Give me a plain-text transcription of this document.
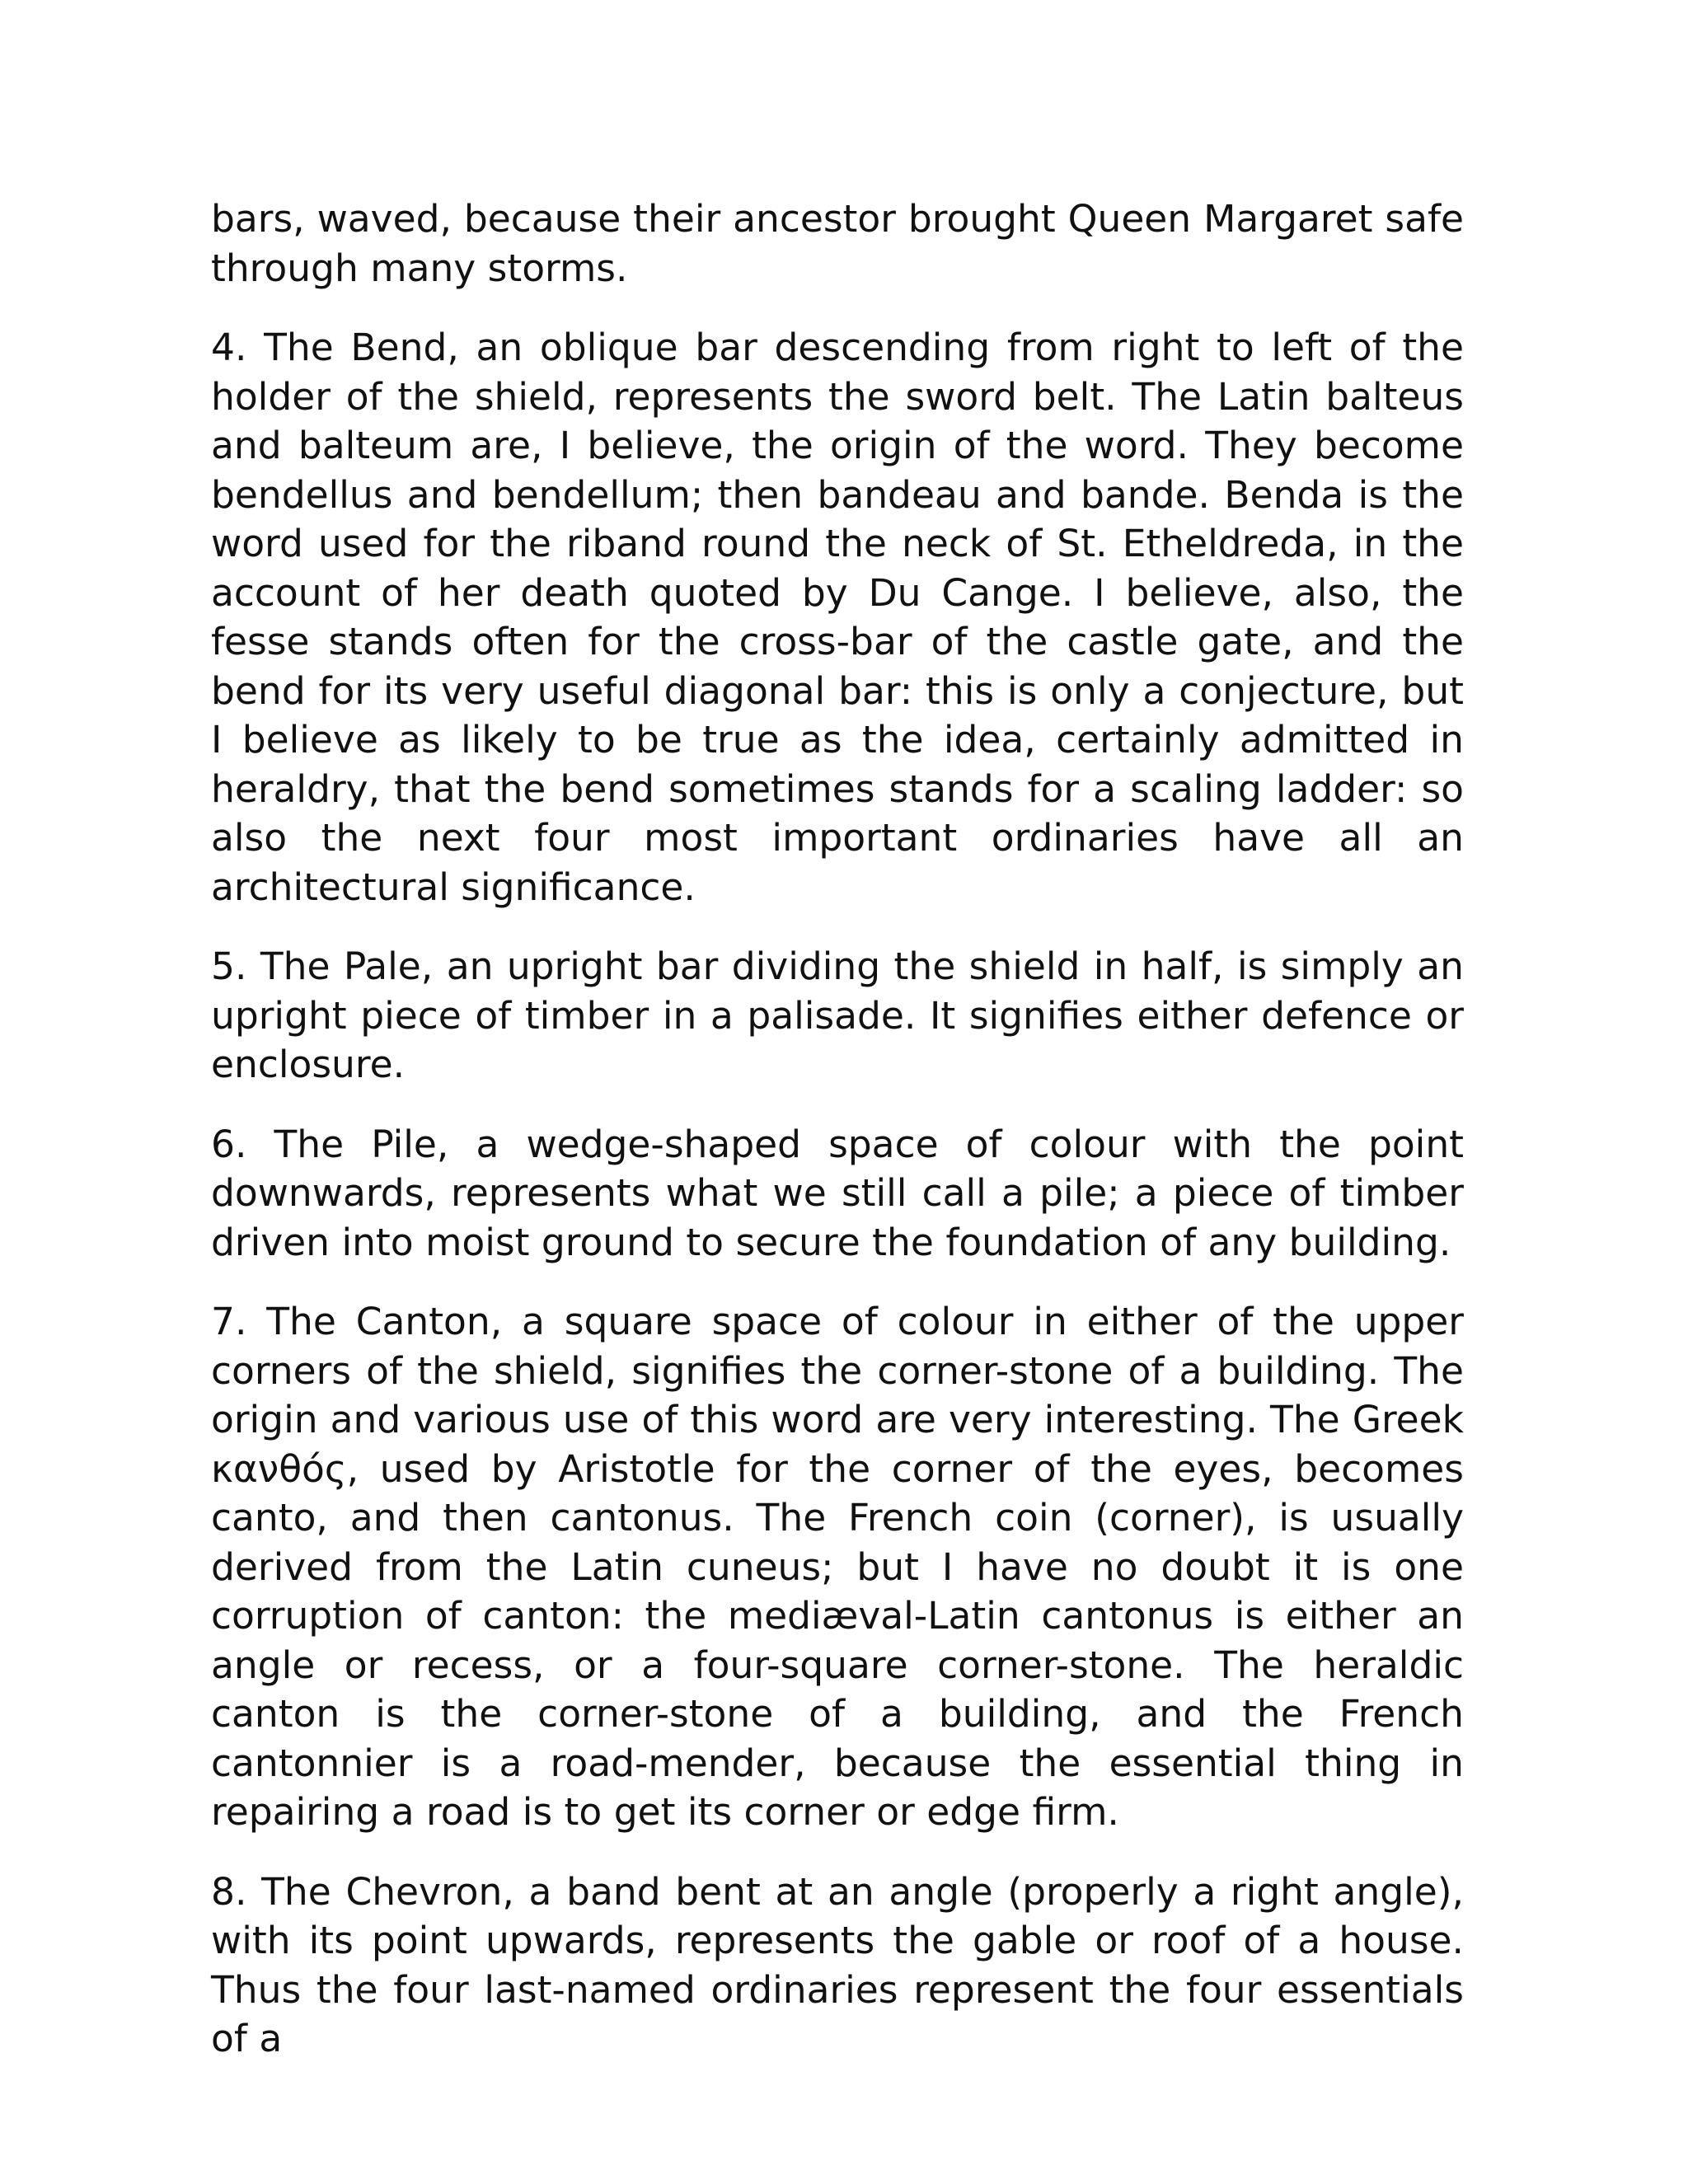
bars, waved, because their ancestor brought Queen Margaret safe through many storms.

4. The Bend, an oblique bar descending from right to left of the holder of the shield, represents the sword belt. The Latin balteus and balteum are, I believe, the origin of the word. They become bendellus and bendellum; then bandeau and bande. Benda is the word used for the riband round the neck of St. Etheldreda, in the account of her death quoted by Du Cange. I believe, also, the fesse stands often for the cross-bar of the castle gate, and the bend for its very useful diagonal bar: this is only a conjecture, but I believe as likely to be true as the idea, certainly admitted in heraldry, that the bend sometimes stands for a scaling ladder: so also the next four most important ordinaries have all an architectural significance.

5. The Pale, an upright bar dividing the shield in half, is simply an upright piece of timber in a palisade. It signifies either defence or enclosure.

6. The Pile, a wedge-shaped space of colour with the point downwards, represents what we still call a pile; a piece of timber driven into moist ground to secure the foundation of any building.

7. The Canton, a square space of colour in either of the upper corners of the shield, signifies the corner-stone of a building. The origin and various use of this word are very interesting. The Greek κανθός, used by Aristotle for the corner of the eyes, becomes canto, and then cantonus. The French coin (corner), is usually derived from the Latin cuneus; but I have no doubt it is one corruption of canton: the mediæval-Latin cantonus is either an angle or recess, or a four-square corner-stone. The heraldic canton is the corner-stone of a building, and the French cantonnier is a road-mender, because the essential thing in repairing a road is to get its corner or edge firm.

8. The Chevron, a band bent at an angle (properly a right angle), with its point upwards, represents the gable or roof of a house. Thus the four last-named ordinaries represent the four essentials of a
